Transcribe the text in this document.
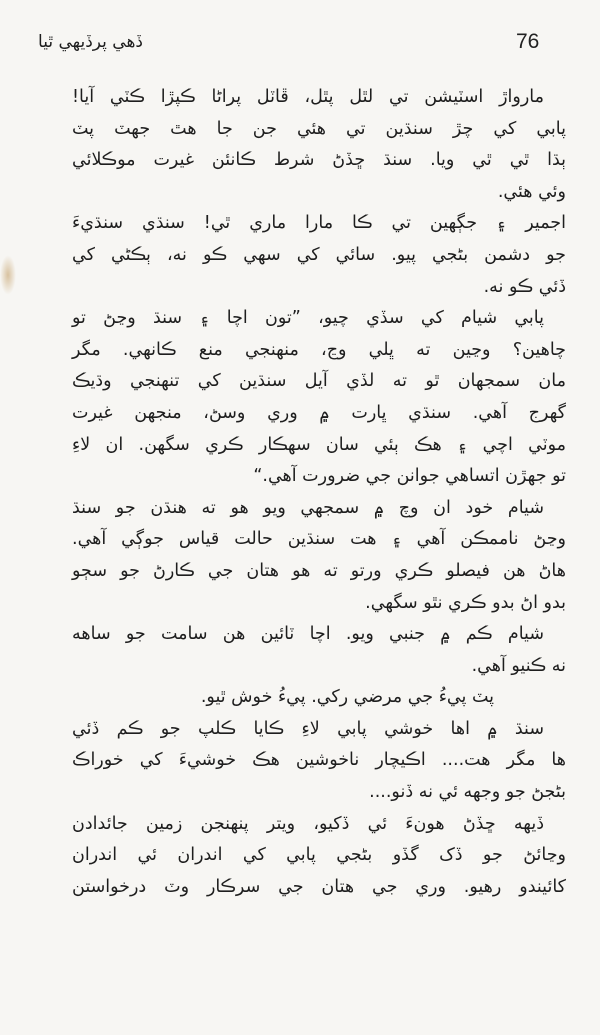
ڏهي پرڏيهي ٿيا	76
مارواڙ اسٽيشن تي لٿل پٿل، ڦاٽل پراڻا ڪپڙا ڪٽي آيا!
پابي کي چڙ سنڌين تي هئي جن جا هٿ جهٽ پٽ
ٻڌا ٿي ٿي ويا. سنڌ ڇڏڻ شرط ڪانئن غيرت موڪلائي
وئي هئي.
اجمير ۽ جڳهين تي ڪا مارا ماري ٿي! سنڌي سنڌيءَ
جو دشمن بڻجي پيو. سائي کي سهي ڪو نه، ٻڪڻي کي
ڏئي ڪو نه.
پابي شيام کي سڏي چيو، ”تون اچا ۽ سنڌ وڃڻ تو
چاهين؟ وڃين ته ڀلي وڃ، منهنجي منع ڪانهي. مگر
مان سمجهان ٿو ته لڏي آيل سنڌين کي تنهنجي وڌيڪ
گهرج آهي. سنڌي ڀارت ۾ وري وسڻ، منجهن غيرت
موٽي اچي ۽ هڪ ٻئي سان سهڪار ڪري سگهن. ان لاءِ
تو جهڙن اتساهي جوانن جي ضرورت آهي.“
شيام خود ان وچ ۾ سمجهي ويو هو ته هنڌن جو سنڌ
وڃڻ ناممڪن آهي ۽ هت سنڌين حالت قياس جوڳي آهي.
هاڻ هن فيصلو ڪري ورتو ته هو هتان جي ڪارڻ جو سڄو
بدو اڻ بدو ڪري نٿو سگهي.
شيام ڪم ۾ جنبي ويو. اچا ٽائين هن سامت جو ساهه
نه ڪنيو آهي.
پٽ پيءُ جي مرضي رکي. پيءُ خوش ٿيو.
سنڌ ۾ اها خوشي پابي لاءِ ڪايا ڪلپ جو ڪم ڏئي
ها مگر هت.... اڪيچار ناخوشين هڪ خوشيءَ کي خوراڪ
بڻجڻ جو وجهه ئي نه ڏنو....
ڏيهه ڇڏڻ هونءَ ئي ڏکيو، ويتر پنهنجن زمين جائدادن
وڃائڻ جو ڏک گڏو بڻجي پابي کي اندران ئي اندران
کائيندو رهيو. وري جي هتان جي سرڪار وٽ درخواستن
